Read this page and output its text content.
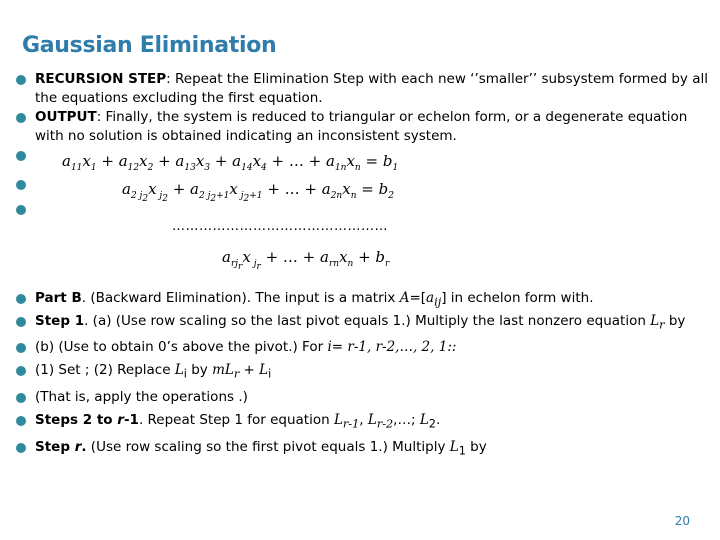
Gaussian Elimination
RECURSION STEP: Repeat the Elimination Step with each new ‘’smaller’’ subsystem formed by all the equations excluding the first equation.
OUTPUT: Finally, the system is reduced to triangular or echelon form, or a degenerate equation with no solution is obtained indicating an inconsistent system.
Part B. (Backward Elimination). The input is a matrix $A=[a_{ij}]$ in echelon form with.
Step 1. (a) (Use row scaling so the last pivot equals 1.) Multiply the last nonzero equation $L_r$ by
(b) (Use to obtain 0’s above the pivot.) For i= r-1, r-2,…, 2, 1::
(1) Set ; (2) Replace $L_i$ by $mL_r + L_i$
(That is, apply the operations .)
Steps 2 to r-1. Repeat Step 1 for equation $L_{r-1}$, $L_{r-2},\dots$; $L_2$.
Step r. (Use row scaling so the first pivot equals 1.) Multiply $L_1$ by
$a_{11}x_1 + a_{12}x_2 + a_{13}x_3 + a_{14}x_4$ + … + $a_{1n}x_n = b_1$
$a_{2 j_2}x$ $_{j_2} + a_{2 j_2+1}x$ $_{j_2+1}$ + … + $a_{2n}x_n = b_2$
…………………………………………
$a_{rj_r}x$ $_{j_r}$ + … + $a_{rn}x_n + b_r$
20
